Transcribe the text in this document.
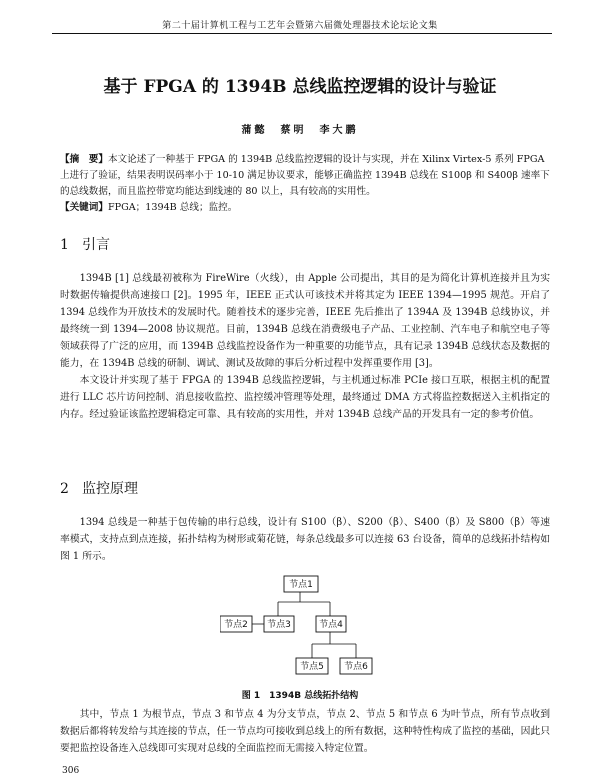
第二十届计算机工程与工艺年会暨第六届微处理器技术论坛论文集
基于 FPGA 的 1394B 总线监控逻辑的设计与验证
蒲懿　蔡明　李大鹏
【摘　要】本文论述了一种基于 FPGA 的 1394B 总线监控逻辑的设计与实现，并在 Xilinx Virtex-5 系列 FPGA 上进行了验证，结果表明误码率小于 10-10 满足协议要求，能够正确监控 1394B 总线在 S100β 和 S400β 速率下的总线数据，而且监控带宽均能达到线速的 80 以上，具有较高的实用性。
【关键词】FPGA；1394B 总线；监控。
1 引言
1394B [1] 总线最初被称为 FireWire（火线），由 Apple 公司提出，其目的是为简化计算机连接并且为实时数据传输提供高速接口 [2]。1995 年，IEEE 正式认可该技术并将其定为 IEEE 1394—1995 规范。开启了 1394 总线作为开放技术的发展时代。随着技术的逐步完善，IEEE 先后推出了 1394A 及 1394B 总线协议，并最终统一到 1394—2008 协议规范。目前，1394B 总线在消费级电子产品、工业控制、汽车电子和航空电子等领域获得了广泛的应用，而 1394B 总线监控设备作为一种重要的功能节点，具有记录 1394B 总线状态及数据的能力，在 1394B 总线的研制、调试、测试及故障的事后分析过程中发挥重要作用 [3]。
本文设计并实现了基于 FPGA 的 1394B 总线监控逻辑，与主机通过标准 PCIe 接口互联，根据主机的配置进行 LLC 芯片访问控制、消息接收监控、监控缓冲管理等处理，最终通过 DMA 方式将监控数据送入主机指定的内存。经过验证该监控逻辑稳定可靠、具有较高的实用性，并对 1394B 总线产品的开发具有一定的参考价值。
2 监控原理
1394 总线是一种基于包传输的串行总线，设计有 S100（β）、S200（β）、S400（β）及 S800（β）等速率模式，支持点到点连接，拓扑结构为树形或菊花链，每条总线最多可以连接 63 台设备，简单的总线拓扑结构如图 1 所示。
节点1
节点2 节点3	节点4
节点5 节点6
图 1　1394B 总线拓扑结构
其中，节点 1 为根节点，节点 3 和节点 4 为分支节点，节点 2、节点 5 和节点 6 为叶节点，所有节点收到数据后都将转发给与其连接的节点，任一节点均可接收到总线上的所有数据，这种特性构成了监控的基础，因此只要把监控设备连入总线即可实现对总线的全面监控而无需接入特定位置。
306
